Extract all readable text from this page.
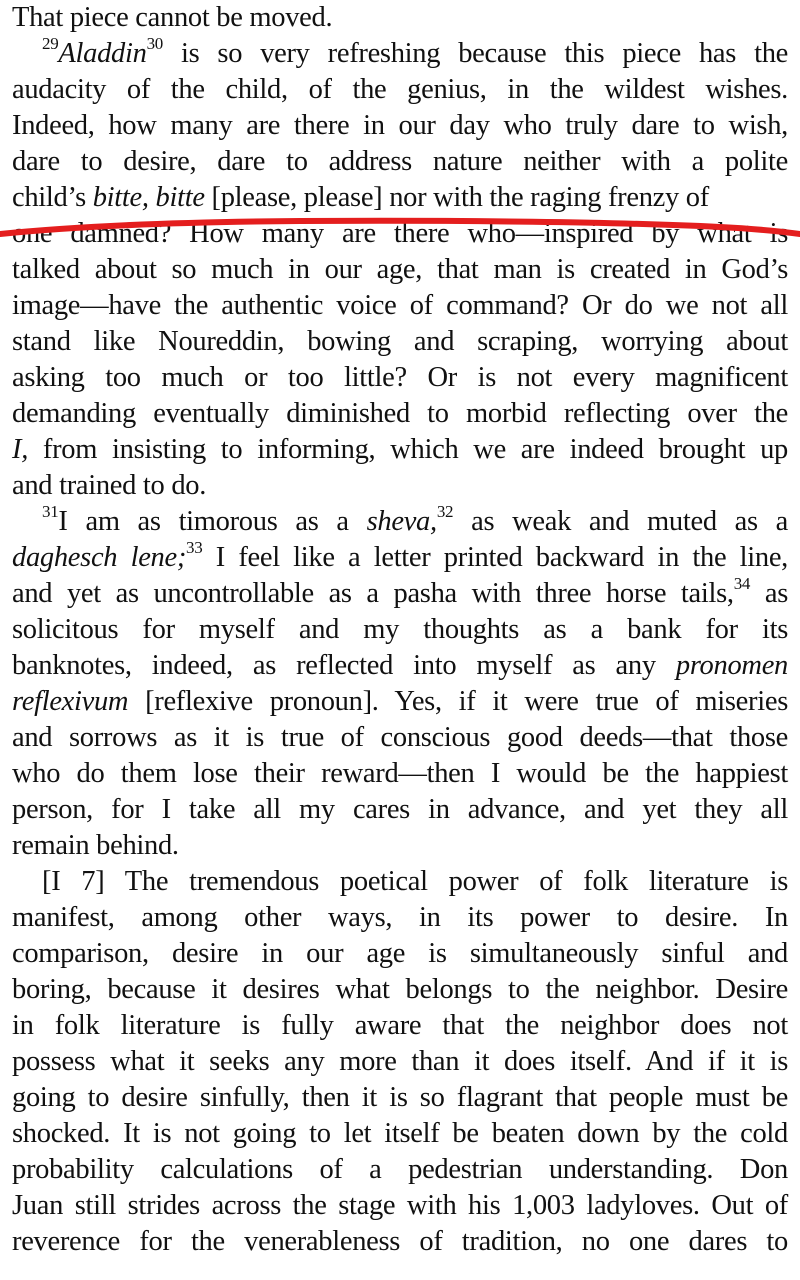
That piece cannot be moved.
$^{29}$Aladdin$^{30}$ is so very refreshing because this piece has the
audacity of the child, of the genius, in the wildest wishes.
Indeed, how many are there in our day who truly dare to wish,
dare to desire, dare to address nature neither with a polite
child’s bitte, bitte [please, please] nor with the raging frenzy of
one damned? How many are there who—inspired by what is
talked about so much in our age, that man is created in God’s
image—have the authentic voice of command? Or do we not all
stand like Noureddin, bowing and scraping, worrying about
asking too much or too little? Or is not every magnificent
demanding eventually diminished to morbid reflecting over the
I, from insisting to informing, which we are indeed brought up
and trained to do.
$^{31}$I am as timorous as a sheva,$^{32}$ as weak and muted as a
daghesch lene;$^{33}$ I feel like a letter printed backward in the line,
and yet as uncontrollable as a pasha with three horse tails,$^{34}$ as
solicitous for myself and my thoughts as a bank for its
banknotes, indeed, as reflected into myself as any pronomen
reflexivum [reflexive pronoun]. Yes, if it were true of miseries
and sorrows as it is true of conscious good deeds—that those
who do them lose their reward—then I would be the happiest
person, for I take all my cares in advance, and yet they all
remain behind.
[I 7] The tremendous poetical power of folk literature is
manifest, among other ways, in its power to desire. In
comparison, desire in our age is simultaneously sinful and
boring, because it desires what belongs to the neighbor. Desire
in folk literature is fully aware that the neighbor does not
possess what it seeks any more than it does itself. And if it is
going to desire sinfully, then it is so flagrant that people must be
shocked. It is not going to let itself be beaten down by the cold
probability calculations of a pedestrian understanding. Don
Juan still strides across the stage with his 1,003 ladyloves. Out of
reverence for the venerableness of tradition, no one dares to
